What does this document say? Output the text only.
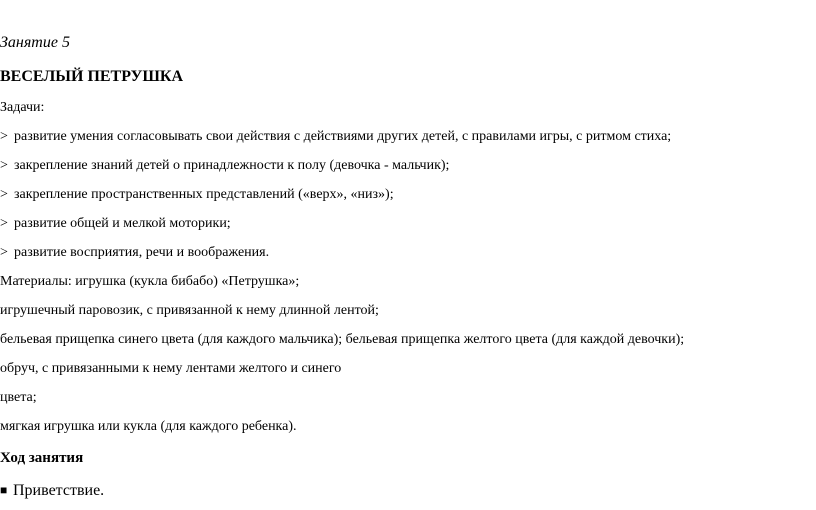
Занятие 5
ВЕСЕЛЫЙ ПЕТРУШКА
Задачи:
> развитие умения согласовывать свои действия с действиями других детей, с правилами игры, с ритмом стиха;
> закрепление знаний детей о принадлежности к полу (девочка - мальчик);
> закрепление пространственных представлений («верх», «низ»);
> развитие общей и мелкой моторики;
> развитие восприятия, речи и воображения.
Материалы: игрушка (кукла бибабо) «Петрушка»;
игрушечный паровозик, с привязанной к нему длинной лентой;
бельевая прищепка синего цвета (для каждого мальчика); бельевая прищепка желтого цвета (для каждой девочки);
обруч, с привязанными к нему лентами желтого и синего
цвета;
мягкая игрушка или кукла (для каждого ребенка).
Ход занятия
■ Приветствие.
